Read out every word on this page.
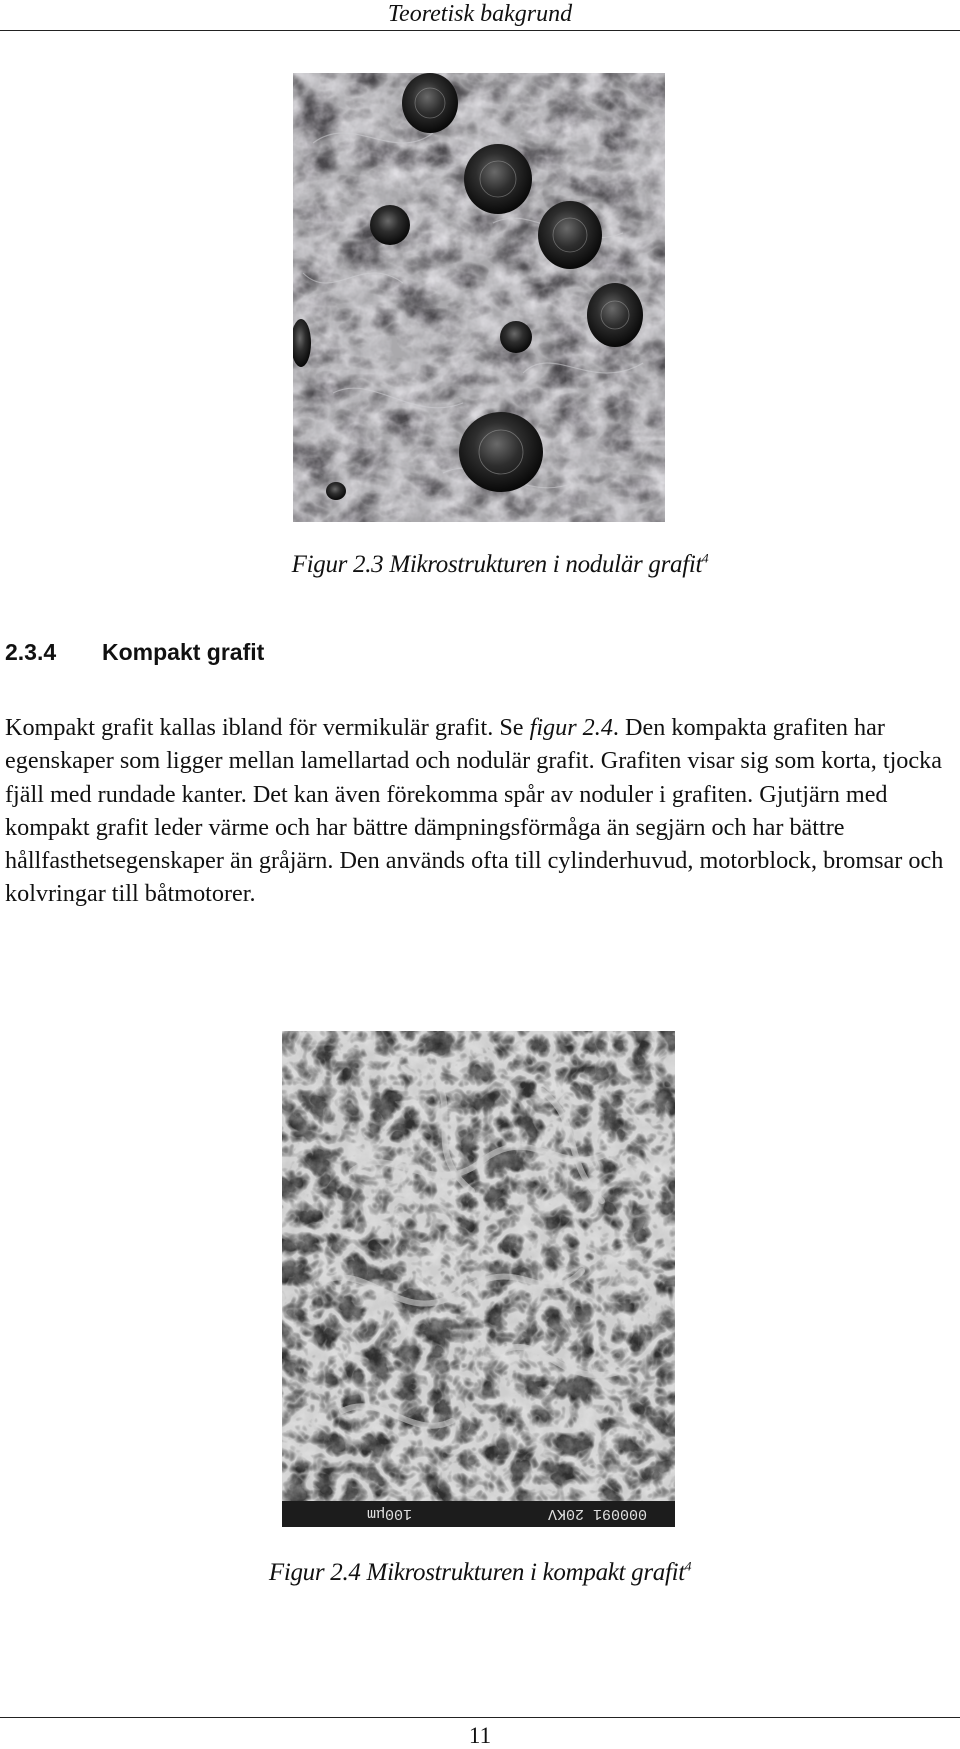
Teoretisk bakgrund
Figur 2.3 Mikrostrukturen i nodulär grafit$^4$
2.3.4 Kompakt grafit

Kompakt grafit kallas ibland för vermikulär grafit. Se figur 2.4. Den kompakta grafiten har egenskaper som ligger mellan lamellartad och nodulär grafit. Grafiten visar sig som korta, tjocka fjäll med rundade kanter. Det kan även förekomma spår av noduler i grafiten. Gjutjärn med kompakt grafit leder värme och har bättre dämpningsförmåga än segjärn och har bättre hållfasthetsegenskaper än gråjärn. Den används ofta till cylinderhuvud, motorblock, bromsar och kolvringar till båtmotorer.

100μm	000091 20KV
Figur 2.4 Mikrostrukturen i kompakt grafit$^4$
11
